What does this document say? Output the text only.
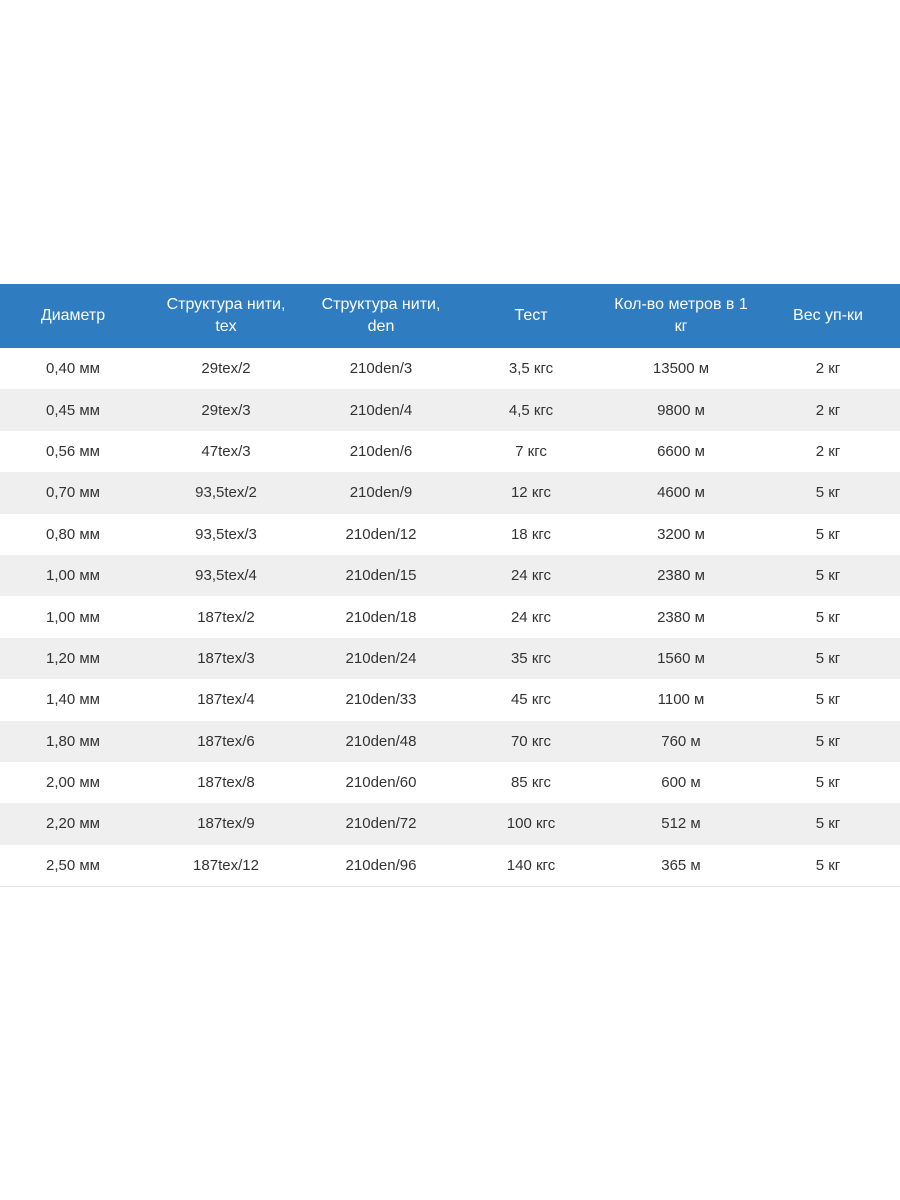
Диаметр	Структура нити, tex	Структура нити, den	Тест	Кол-во метров в 1 кг	Вес уп-ки
0,40 мм	29tex/2	210den/3	3,5 кгс	13500 м	2 кг
0,45 мм	29tex/3	210den/4	4,5 кгс	9800 м	2 кг
0,56 мм	47tex/3	210den/6	7 кгс	6600 м	2 кг
0,70 мм	93,5tex/2	210den/9	12 кгс	4600 м	5 кг
0,80 мм	93,5tex/3	210den/12	18 кгс	3200 м	5 кг
1,00 мм	93,5tex/4	210den/15	24 кгс	2380 м	5 кг
1,00 мм	187tex/2	210den/18	24 кгс	2380 м	5 кг
1,20 мм	187tex/3	210den/24	35 кгс	1560 м	5 кг
1,40 мм	187tex/4	210den/33	45 кгс	1100 м	5 кг
1,80 мм	187tex/6	210den/48	70 кгс	760 м	5 кг
2,00 мм	187tex/8	210den/60	85 кгс	600 м	5 кг
2,20 мм	187tex/9	210den/72	100 кгс	512 м	5 кг
2,50 мм	187tex/12	210den/96	140 кгс	365 м	5 кг
